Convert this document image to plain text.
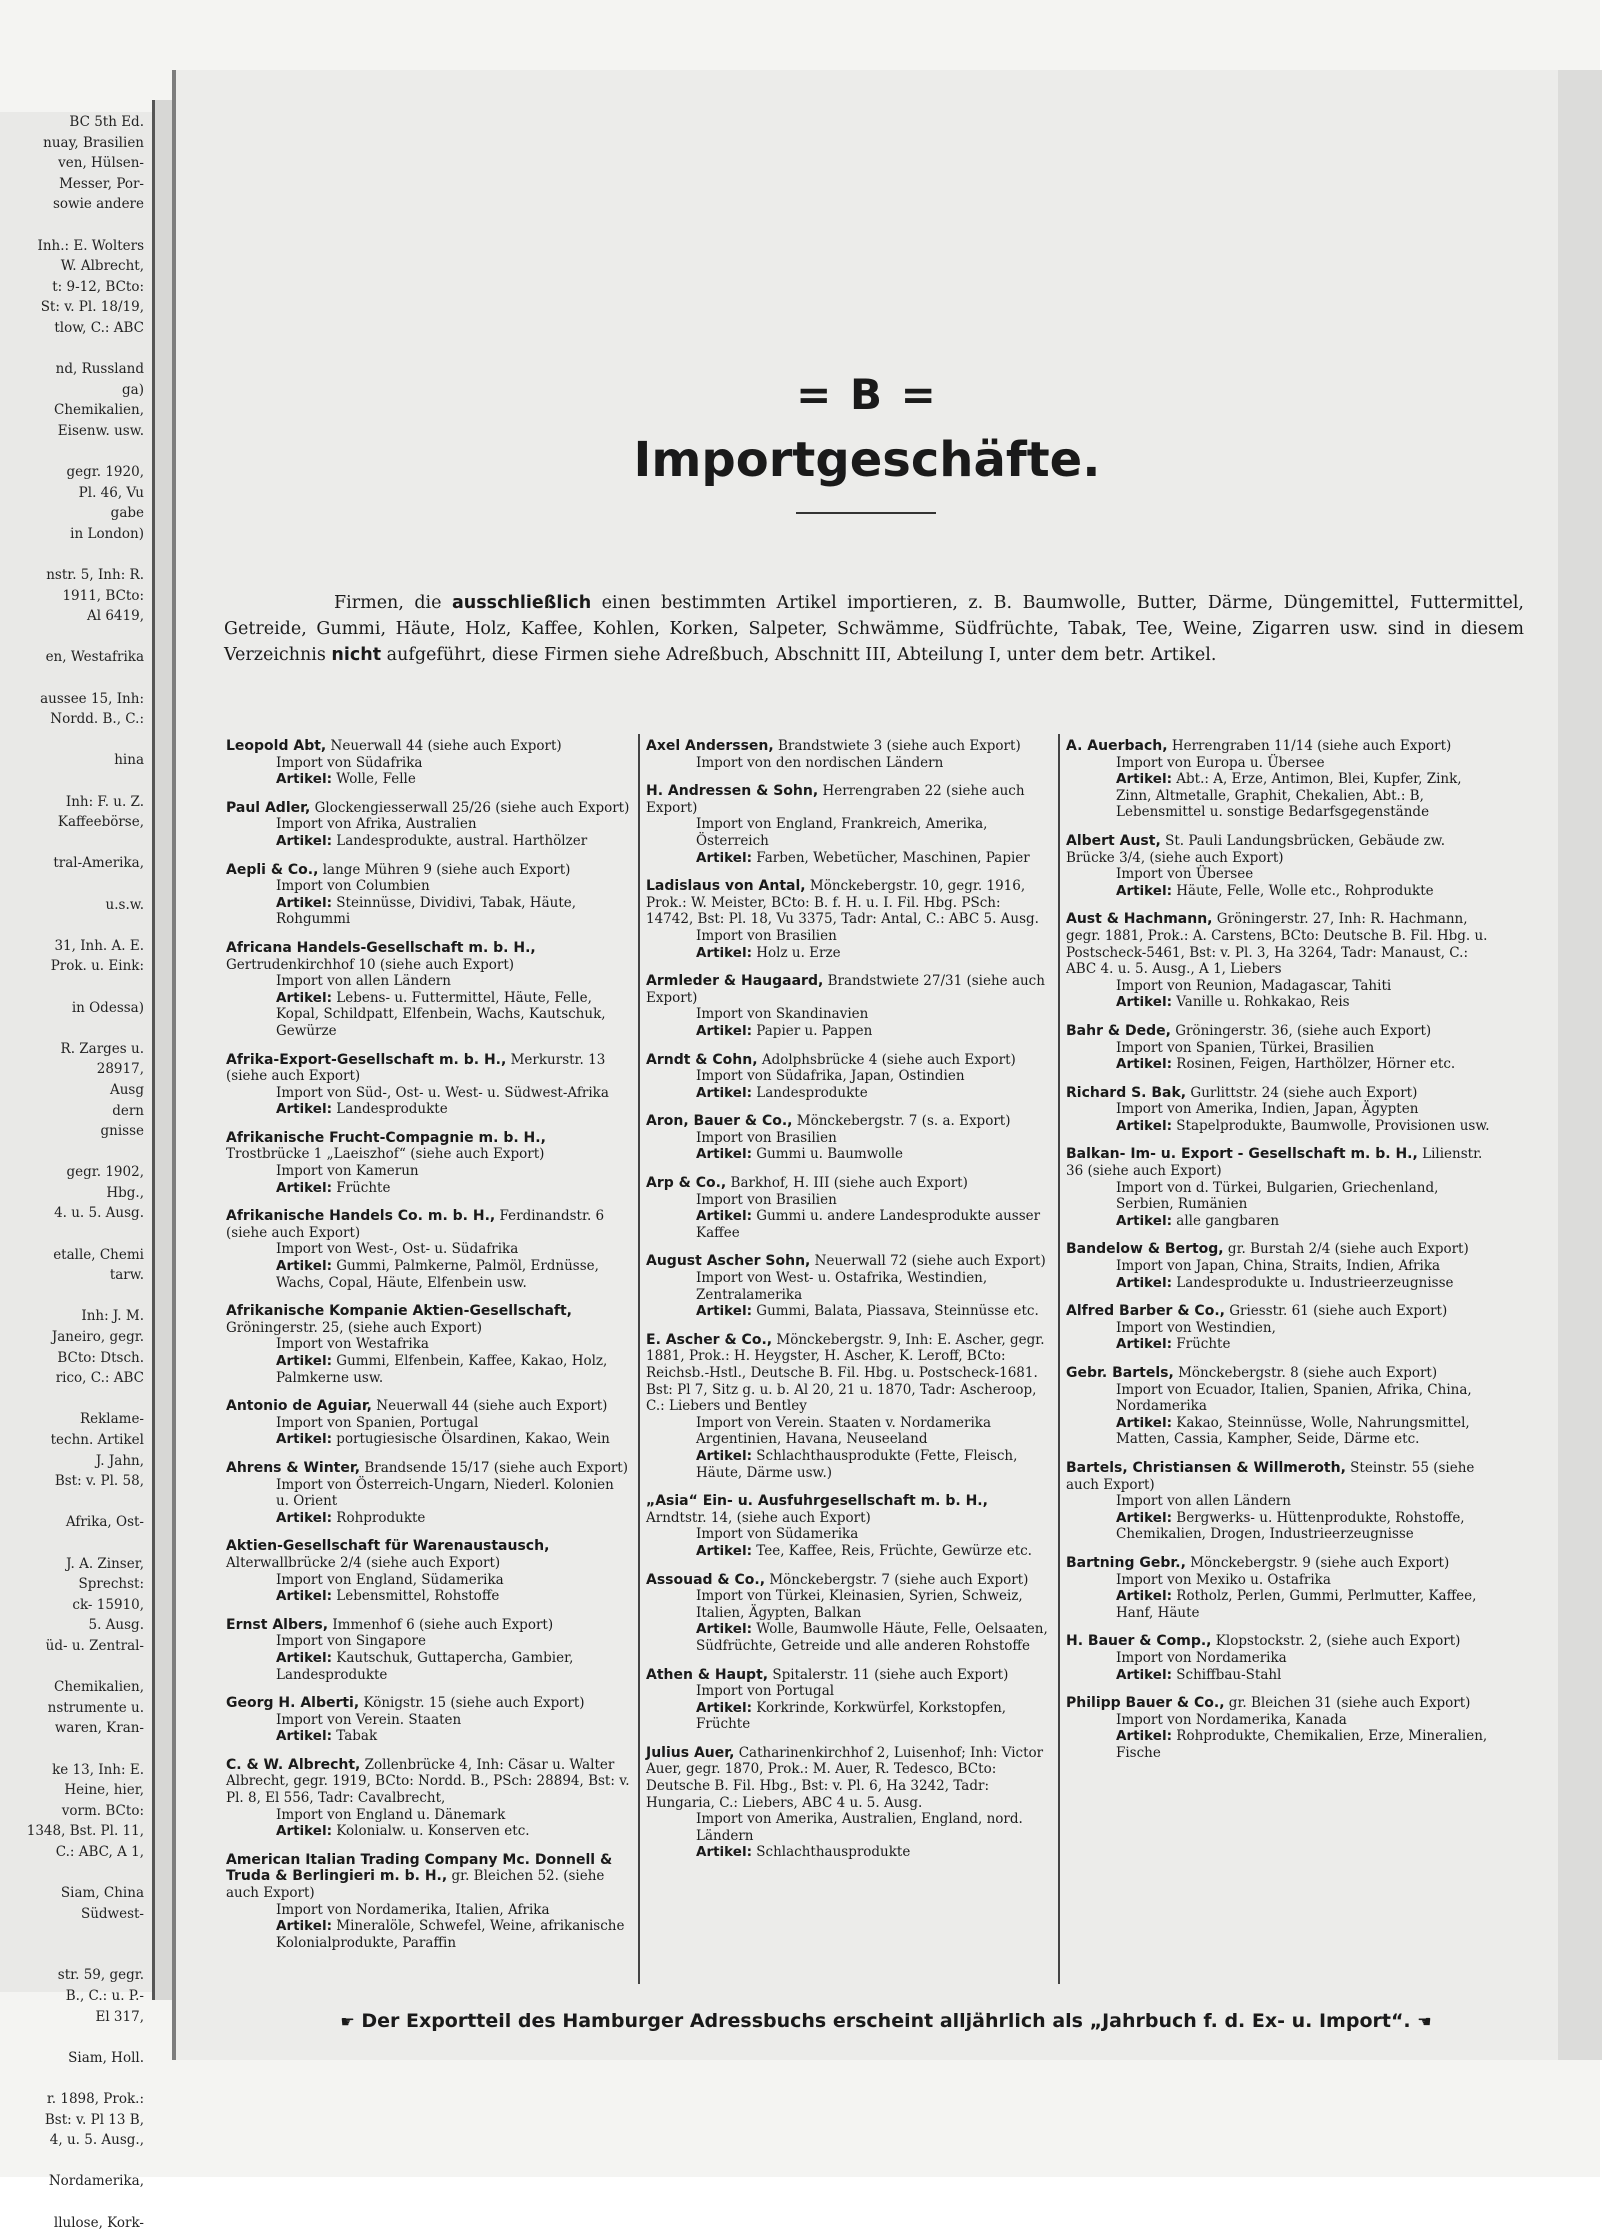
BC 5th Ed.
nuay, Brasilien
ven, Hülsen-
Messer, Por-
sowie andere

Inh.: E. Wolters
W. Albrecht,
t: 9-12, BCto:
St: v. Pl. 18/19,
tlow, C.: ABC

nd, Russland
ga)
Chemikalien,
Eisenw. usw.

gegr. 1920,
Pl. 46, Vu
gabe
in London)

nstr. 5, Inh: R.
1911, BCto:
Al 6419,

en, Westafrika

aussee 15, Inh:
Nordd. B., C.:

hina

Inh: F. u. Z.
Kaffeebörse,

tral-Amerika,

u.s.w.

31, Inh. A. E.
Prok. u. Eink:

in Odessa)

R. Zarges u.
28917,
Ausg
dern
gnisse

gegr. 1902,
Hbg.,
4. u. 5. Ausg.

etalle, Chemi
tarw.

Inh: J. M.
Janeiro, gegr.
BCto: Dtsch.
rico, C.: ABC

Reklame-
techn. Artikel
J. Jahn,
Bst: v. Pl. 58,

Afrika, Ost-

J. A. Zinser,
Sprechst:
ck- 15910,
5. Ausg.
üd- u. Zentral-

Chemikalien,
nstrumente u.
waren, Kran-

ke 13, Inh: E.
Heine, hier,
vorm. BCto:
1348, Bst. Pl. 11,
C.: ABC, A 1,

Siam, China
Südwest-

str. 59, gegr.
B., C.: u. P.-
El 317,

Siam, Holl.

r. 1898, Prok.:
Bst: v. Pl 13 B,
4, u. 5. Ausg.,

Nordamerika,

llulose, Kork-
= B =
Importgeschäfte.
Firmen, die ausschließlich einen bestimmten Artikel importieren, z. B. Baumwolle, Butter, Därme, Düngemittel, Futtermittel, Getreide, Gummi, Häute, Holz, Kaffee, Kohlen, Korken, Salpeter, Schwämme, Südfrüchte, Tabak, Tee, Weine, Zigarren usw. sind in diesem Verzeichnis nicht aufgeführt, diese Firmen siehe Adreßbuch, Abschnitt III, Abteilung I, unter dem betr. Artikel.
Leopold Abt, Neuerwall 44 (siehe auch Export)
Import von Südafrika
Artikel: Wolle, Felle
Paul Adler, Glockengiesserwall 25/26 (siehe auch Export)
Import von Afrika, Australien
Artikel: Landesprodukte, austral. Harthölzer
Aepli & Co., lange Mühren 9 (siehe auch Export)
Import von Columbien
Artikel: Steinnüsse, Dividivi, Tabak, Häute, Rohgummi
Africana Handels-Gesellschaft m. b. H., Gertrudenkirchhof 10 (siehe auch Export)
Import von allen Ländern
Artikel: Lebens- u. Futtermittel, Häute, Felle, Kopal, Schildpatt, Elfenbein, Wachs, Kautschuk, Gewürze
Afrika-Export-Gesellschaft m. b. H., Merkurstr. 13 (siehe auch Export)
Import von Süd-, Ost- u. West- u. Südwest-Afrika
Artikel: Landesprodukte
Afrikanische Frucht-Compagnie m. b. H., Trostbrücke 1 „Laeiszhof“ (siehe auch Export)
Import von Kamerun
Artikel: Früchte
Afrikanische Handels Co. m. b. H., Ferdinandstr. 6 (siehe auch Export)
Import von West-, Ost- u. Südafrika
Artikel: Gummi, Palmkerne, Palmöl, Erdnüsse, Wachs, Copal, Häute, Elfenbein usw.
Afrikanische Kompanie Aktien-Gesellschaft, Gröningerstr. 25, (siehe auch Export)
Import von Westafrika
Artikel: Gummi, Elfenbein, Kaffee, Kakao, Holz, Palmkerne usw.
Antonio de Aguiar, Neuerwall 44 (siehe auch Export)
Import von Spanien, Portugal
Artikel: portugiesische Ölsardinen, Kakao, Wein
Ahrens & Winter, Brandsende 15/17 (siehe auch Export)
Import von Österreich-Ungarn, Niederl. Kolonien u. Orient
Artikel: Rohprodukte
Aktien-Gesellschaft für Warenaustausch, Alterwallbrücke 2/4 (siehe auch Export)
Import von England, Südamerika
Artikel: Lebensmittel, Rohstoffe
Ernst Albers, Immenhof 6 (siehe auch Export)
Import von Singapore
Artikel: Kautschuk, Guttapercha, Gambier, Landesprodukte
Georg H. Alberti, Königstr. 15 (siehe auch Export)
Import von Verein. Staaten
Artikel: Tabak
C. & W. Albrecht, Zollenbrücke 4, Inh: Cäsar u. Walter Albrecht, gegr. 1919, BCto: Nordd. B., PSch: 28894, Bst: v. Pl. 8, El 556, Tadr: Cavalbrecht,
Import von England u. Dänemark
Artikel: Kolonialw. u. Konserven etc.
American Italian Trading Company Mc. Donnell & Truda & Berlingieri m. b. H., gr. Bleichen 52. (siehe auch Export)
Import von Nordamerika, Italien, Afrika
Artikel: Mineralöle, Schwefel, Weine, afrikanische Kolonialprodukte, Paraffin
Axel Anderssen, Brandstwiete 3 (siehe auch Export)
Import von den nordischen Ländern
H. Andressen & Sohn, Herrengraben 22 (siehe auch Export)
Import von England, Frankreich, Amerika, Österreich
Artikel: Farben, Webetücher, Maschinen, Papier
Ladislaus von Antal, Mönckebergstr. 10, gegr. 1916, Prok.: W. Meister, BCto: B. f. H. u. I. Fil. Hbg. PSch: 14742, Bst: Pl. 18, Vu 3375, Tadr: Antal, C.: ABC 5. Ausg.
Import von Brasilien
Artikel: Holz u. Erze
Armleder & Haugaard, Brandstwiete 27/31 (siehe auch Export)
Import von Skandinavien
Artikel: Papier u. Pappen
Arndt & Cohn, Adolphsbrücke 4 (siehe auch Export)
Import von Südafrika, Japan, Ostindien
Artikel: Landesprodukte
Aron, Bauer & Co., Mönckebergstr. 7 (s. a. Export)
Import von Brasilien
Artikel: Gummi u. Baumwolle
Arp & Co., Barkhof, H. III (siehe auch Export)
Import von Brasilien
Artikel: Gummi u. andere Landesprodukte ausser Kaffee
August Ascher Sohn, Neuerwall 72 (siehe auch Export)
Import von West- u. Ostafrika, Westindien, Zentralamerika
Artikel: Gummi, Balata, Piassava, Steinnüsse etc.
E. Ascher & Co., Mönckebergstr. 9, Inh: E. Ascher, gegr. 1881, Prok.: H. Heygster, H. Ascher, K. Leroff, BCto: Reichsb.-Hstl., Deutsche B. Fil. Hbg. u. Postscheck-1681. Bst: Pl 7, Sitz g. u. b. Al 20, 21 u. 1870, Tadr: Ascheroop, C.: Liebers und Bentley
Import von Verein. Staaten v. Nordamerika Argentinien, Havana, Neuseeland
Artikel: Schlachthausprodukte (Fette, Fleisch, Häute, Därme usw.)
„Asia“ Ein- u. Ausfuhrgesellschaft m. b. H., Arndtstr. 14, (siehe auch Export)
Import von Südamerika
Artikel: Tee, Kaffee, Reis, Früchte, Gewürze etc.
Assouad & Co., Mönckebergstr. 7 (siehe auch Export)
Import von Türkei, Kleinasien, Syrien, Schweiz, Italien, Ägypten, Balkan
Artikel: Wolle, Baumwolle Häute, Felle, Oelsaaten, Südfrüchte, Getreide und alle anderen Rohstoffe
Athen & Haupt, Spitalerstr. 11 (siehe auch Export)
Import von Portugal
Artikel: Korkrinde, Korkwürfel, Korkstopfen, Früchte
Julius Auer, Catharinenkirchhof 2, Luisenhof; Inh: Victor Auer, gegr. 1870, Prok.: M. Auer, R. Tedesco, BCto: Deutsche B. Fil. Hbg., Bst: v. Pl. 6, Ha 3242, Tadr: Hungaria, C.: Liebers, ABC 4 u. 5. Ausg.
Import von Amerika, Australien, England, nord. Ländern
Artikel: Schlachthausprodukte
A. Auerbach, Herrengraben 11/14 (siehe auch Export)
Import von Europa u. Übersee
Artikel: Abt.: A, Erze, Antimon, Blei, Kupfer, Zink, Zinn, Altmetalle, Graphit, Chekalien, Abt.: B, Lebensmittel u. sonstige Bedarfsgegenstände
Albert Aust, St. Pauli Landungsbrücken, Gebäude zw. Brücke 3/4, (siehe auch Export)
Import von Übersee
Artikel: Häute, Felle, Wolle etc., Rohprodukte
Aust & Hachmann, Gröningerstr. 27, Inh: R. Hachmann, gegr. 1881, Prok.: A. Carstens, BCto: Deutsche B. Fil. Hbg. u. Postscheck-5461, Bst: v. Pl. 3, Ha 3264, Tadr: Manaust, C.: ABC 4. u. 5. Ausg., A 1, Liebers
Import von Reunion, Madagascar, Tahiti
Artikel: Vanille u. Rohkakao, Reis
Bahr & Dede, Gröningerstr. 36, (siehe auch Export)
Import von Spanien, Türkei, Brasilien
Artikel: Rosinen, Feigen, Harthölzer, Hörner etc.
Richard S. Bak, Gurlittstr. 24 (siehe auch Export)
Import von Amerika, Indien, Japan, Ägypten
Artikel: Stapelprodukte, Baumwolle, Provisionen usw.
Balkan- Im- u. Export - Gesellschaft m. b. H., Lilienstr. 36 (siehe auch Export)
Import von d. Türkei, Bulgarien, Griechenland, Serbien, Rumänien
Artikel: alle gangbaren
Bandelow & Bertog, gr. Burstah 2/4 (siehe auch Export)
Import von Japan, China, Straits, Indien, Afrika
Artikel: Landesprodukte u. Industrieerzeugnisse
Alfred Barber & Co., Griesstr. 61 (siehe auch Export)
Import von Westindien,
Artikel: Früchte
Gebr. Bartels, Mönckebergstr. 8 (siehe auch Export)
Import von Ecuador, Italien, Spanien, Afrika, China, Nordamerika
Artikel: Kakao, Steinnüsse, Wolle, Nahrungsmittel, Matten, Cassia, Kampher, Seide, Därme etc.
Bartels, Christiansen & Willmeroth, Steinstr. 55 (siehe auch Export)
Import von allen Ländern
Artikel: Bergwerks- u. Hüttenprodukte, Rohstoffe, Chemikalien, Drogen, Industrieerzeugnisse
Bartning Gebr., Mönckebergstr. 9 (siehe auch Export)
Import von Mexiko u. Ostafrika
Artikel: Rotholz, Perlen, Gummi, Perlmutter, Kaffee, Hanf, Häute
H. Bauer & Comp., Klopstockstr. 2, (siehe auch Export)
Import von Nordamerika
Artikel: Schiffbau-Stahl
Philipp Bauer & Co., gr. Bleichen 31 (siehe auch Export)
Import von Nordamerika, Kanada
Artikel: Rohprodukte, Chemikalien, Erze, Mineralien, Fische
☛ Der Exportteil des Hamburger Adressbuchs erscheint alljährlich als „Jahrbuch f. d. Ex- u. Import“. ☚
